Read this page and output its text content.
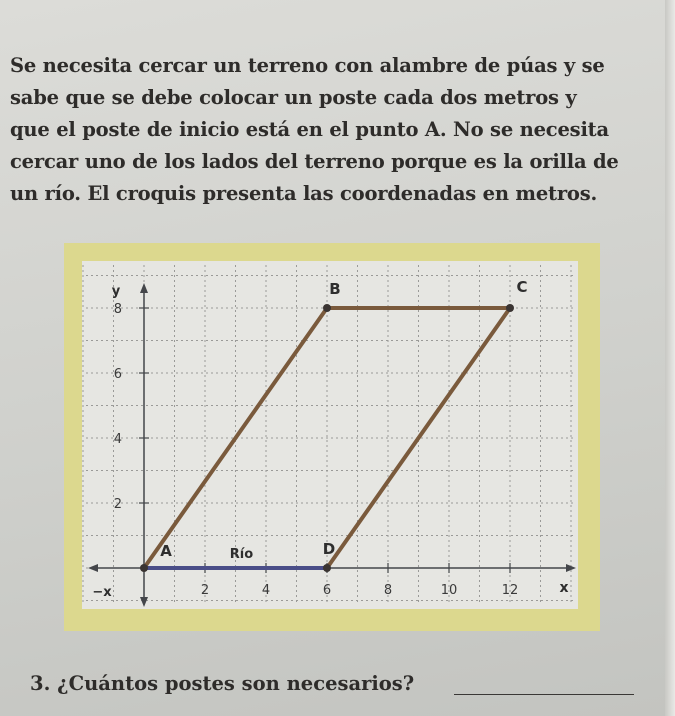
Se necesita cercar un terreno con alambre de púas y se sabe que se debe colocar un poste cada dos metros y que el poste de inicio está en el punto A. No se necesita cercar uno de los lados del terreno porque es la orilla de un río. El croquis presenta las coordenadas en metros.

2	4	6	8	10	12
2
4
6
8
A
B	C
D
Río
x
−x
y
3. ¿Cuántos postes son necesarios?
